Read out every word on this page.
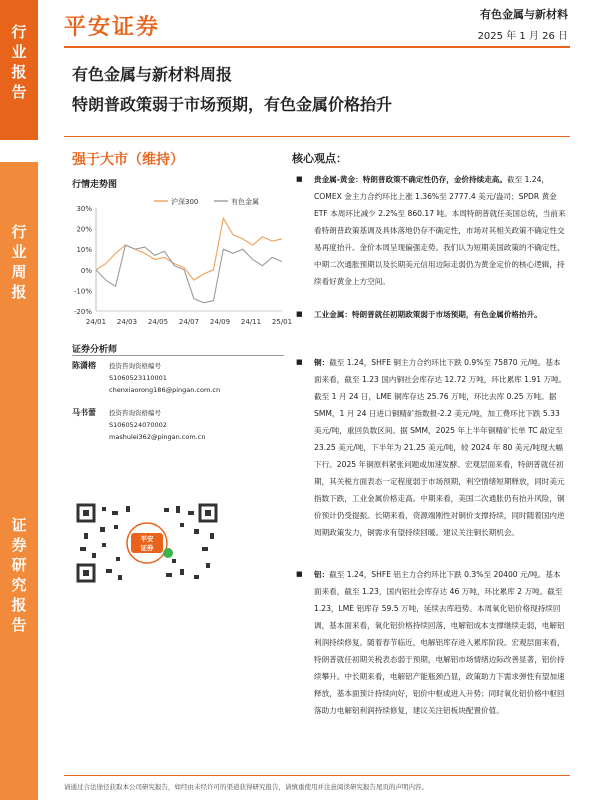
行
业
报
告
行
业
周
报
证
券
研
究
报
告
平安证券
有色金属与新材料
2025 年 1 月 26 日
有色金属与新材料周报
特朗普政策弱于市场预期，有色金属价格抬升
强于大市（维持）
行情走势图
30%
20%
10%
0%
-10%
-20%
24/01 24/03 24/05 24/07 24/09 24/11 25/01
沪深300	有色金属
证券分析师
陈潇榕 投资咨询资格编号
S1060523110001
chenxiaorong186@pingan.com.cn
马书蕾 投资咨询资格编号
S1060524070002
mashulei362@pingan.com.cn
平安
证券
核心观点：
■ 贵金属-黄金：特朗普政策不确定性仍存，金价持续走高。截至 1.24，COMEX 金主力合约环比上涨 1.36%至 2777.4 美元/盎司；SPDR 黄金 ETF 本周环比减少 2.2%至 860.17 吨。本周特朗普就任美国总统，当前来看特朗普政策基调及具体落地仍存不确定性，市场对其相关政策不确定性交易再度抬升。金价本周呈现偏强走势。我们认为短期美国政策的不确定性、中期二次通胀预期以及长期美元信用边际走弱仍为黄金定价的核心逻辑，持续看好黄金上方空间。
■ 工业金属：特朗普就任初期政策弱于市场预期，有色金属价格抬升。
■ 铜：截至 1.24，SHFE 铜主力合约环比下跌 0.9%至 75870 元/吨。基本面来看，截至 1.23 国内铜社会库存达 12.72 万吨，环比累库 1.91 万吨。截至 1 月 24 日，LME 铜库存达 25.76 万吨，环比去库 0.25 万吨。据 SMM，1 月 24 日进口铜精矿指数报-2.2 美元/吨，加工费环比下跌 5.33 美元/吨，重回负数区间。据 SMM，2025 年上半年铜精矿长单 TC 敲定至 23.25 美元/吨，下半年为 21.25 美元/吨，较 2024 年 80 美元/吨现大幅下行。2025 年铜原料紧张问题或加速发酵。宏观层面来看，特朗普就任初期，其关税方面表态一定程度弱于市场预期，利空情绪短期释放，同时美元指数下跌，工业金属价格走高。中期来看，美国二次通胀仍有抬升风险，铜价预计仍受提振。长期来看，资源端刚性对铜价支撑持续，同时随着国内逆周期政策发力，铜需求有望持续回暖。建议关注铜长期机会。
■ 铝：截至 1.24，SHFE 铝主力合约环比下跌 0.3%至 20400 元/吨。基本面来看，截至 1.23，国内铝社会库存达 46 万吨，环比累库 2 万吨。截至 1.23，LME 铝库存 59.5 万吨，延续去库趋势。本周氧化铝价格现持续回调，基本面来看，氧化铝价格持续回落，电解铝成本支撑继续走弱，电解铝利润持续修复。随着春节临近，电解铝库存进入累库阶段。宏观层面来看，特朗普就任初期关税表态弱于预期，电解铝市场情绪边际改善显著，铝价持续攀升。中长期来看，电解铝产能瓶颈凸显，政策助力下需求弹性有望加速释放，基本面预计持续向好，铝价中枢或进入升势；同时氧化铝价格中枢回落助力电解铝利润持续修复，建议关注铝板块配置价值。
请通过合法途径获取本公司研究报告，如经由未经许可的渠道获得研究报告，请慎重使用并注意阅读研究报告尾页的声明内容。
